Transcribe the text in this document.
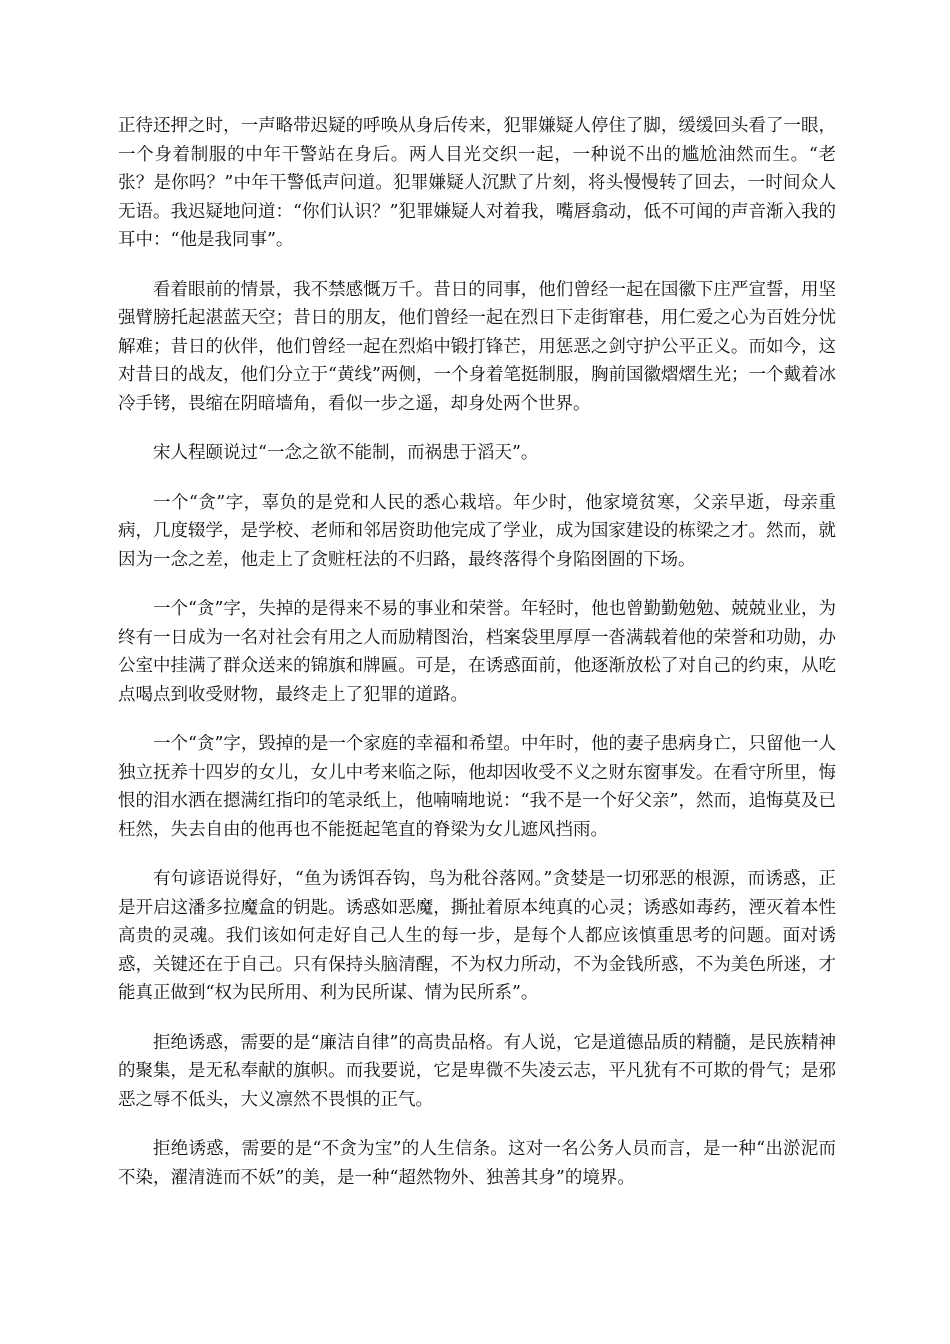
正待还押之时，一声略带迟疑的呼唤从身后传来，犯罪嫌疑人停住了脚，缓缓回头看了一眼，一个身着制服的中年干警站在身后。两人目光交织一起，一种说不出的尴尬油然而生。“老张？是你吗？”中年干警低声问道。犯罪嫌疑人沉默了片刻，将头慢慢转了回去，一时间众人无语。我迟疑地问道：“你们认识？”犯罪嫌疑人对着我，嘴唇翕动，低不可闻的声音渐入我的耳中：“他是我同事”。

看着眼前的情景，我不禁感慨万千。昔日的同事，他们曾经一起在国徽下庄严宣誓，用坚强臂膀托起湛蓝天空；昔日的朋友，他们曾经一起在烈日下走街窜巷，用仁爱之心为百姓分忧解难；昔日的伙伴，他们曾经一起在烈焰中锻打锋芒，用惩恶之剑守护公平正义。而如今，这对昔日的战友，他们分立于“黄线”两侧，一个身着笔挺制服，胸前国徽熠熠生光；一个戴着冰冷手铐，畏缩在阴暗墙角，看似一步之遥，却身处两个世界。

宋人程颐说过“一念之欲不能制，而祸患于滔天”。

一个“贪”字，辜负的是党和人民的悉心栽培。年少时，他家境贫寒，父亲早逝，母亲重病，几度辍学，是学校、老师和邻居资助他完成了学业，成为国家建设的栋梁之才。然而，就因为一念之差，他走上了贪赃枉法的不归路，最终落得个身陷囹圄的下场。

一个“贪”字，失掉的是得来不易的事业和荣誉。年轻时，他也曾勤勤勉勉、兢兢业业，为终有一日成为一名对社会有用之人而励精图治，档案袋里厚厚一沓满载着他的荣誉和功勋，办公室中挂满了群众送来的锦旗和牌匾。可是，在诱惑面前，他逐渐放松了对自己的约束，从吃点喝点到收受财物，最终走上了犯罪的道路。

一个“贪”字，毁掉的是一个家庭的幸福和希望。中年时，他的妻子患病身亡，只留他一人独立抚养十四岁的女儿，女儿中考来临之际，他却因收受不义之财东窗事发。在看守所里，悔恨的泪水洒在摁满红指印的笔录纸上，他喃喃地说：“我不是一个好父亲”，然而，追悔莫及已枉然，失去自由的他再也不能挺起笔直的脊梁为女儿遮风挡雨。

有句谚语说得好，“鱼为诱饵吞钩，鸟为秕谷落网。”贪婪是一切邪恶的根源，而诱惑，正是开启这潘多拉魔盒的钥匙。诱惑如恶魔，撕扯着原本纯真的心灵；诱惑如毒药，湮灭着本性高贵的灵魂。我们该如何走好自己人生的每一步，是每个人都应该慎重思考的问题。面对诱惑，关键还在于自己。只有保持头脑清醒，不为权力所动，不为金钱所惑，不为美色所迷，才能真正做到“权为民所用、利为民所谋、情为民所系”。

拒绝诱惑，需要的是“廉洁自律”的高贵品格。有人说，它是道德品质的精髓，是民族精神的聚集，是无私奉献的旗帜。而我要说，它是卑微不失凌云志，平凡犹有不可欺的骨气；是邪恶之辱不低头，大义凛然不畏惧的正气。

拒绝诱惑，需要的是“不贪为宝”的人生信条。这对一名公务人员而言，是一种“出淤泥而不染，濯清涟而不妖”的美，是一种“超然物外、独善其身”的境界。
